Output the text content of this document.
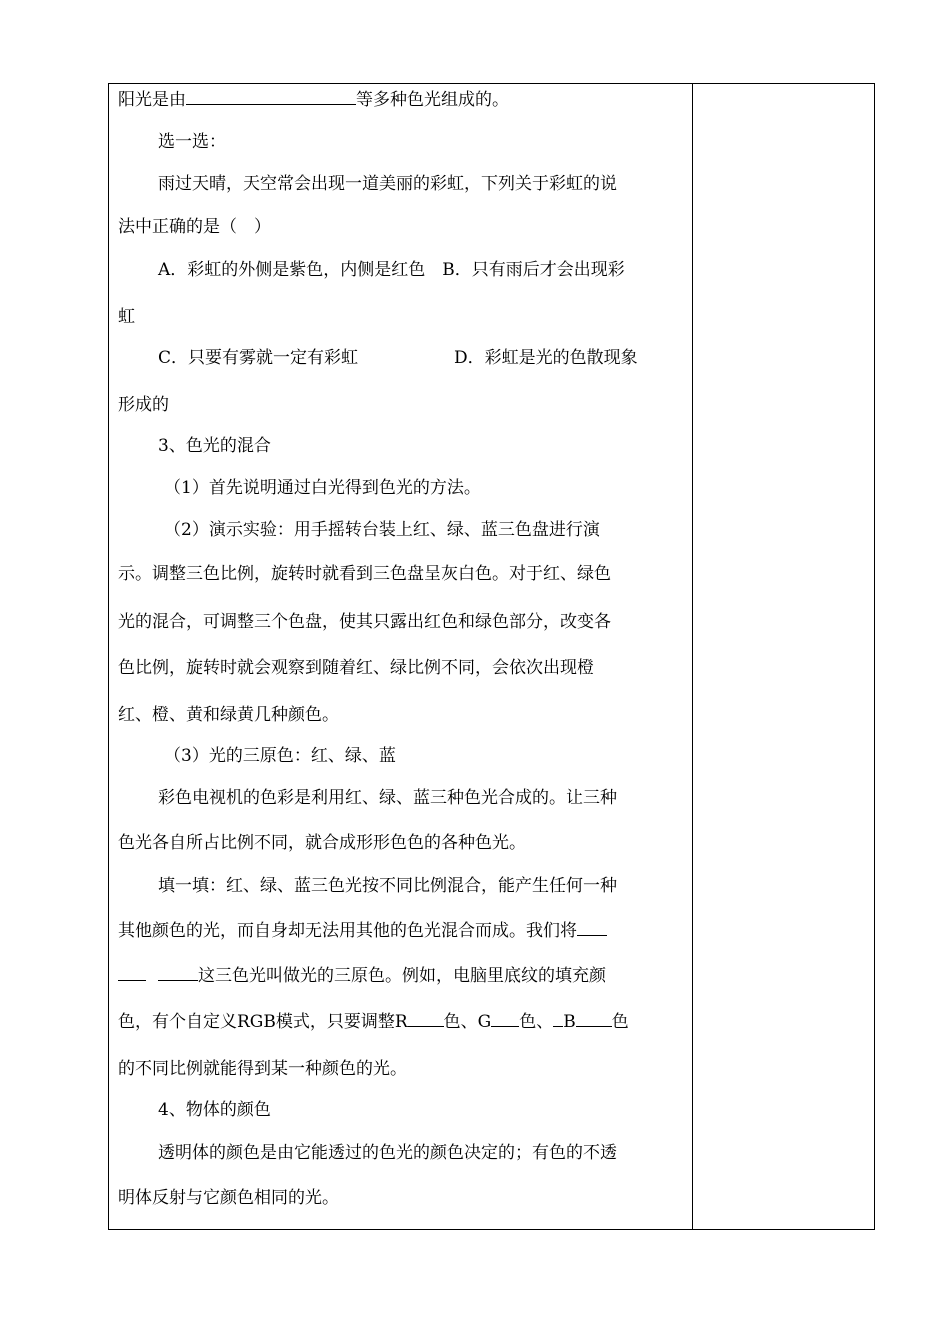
阳光是由	等多种色光组成的。
选一选：
雨过天晴，天空常会出现一道美丽的彩虹，下列关于彩虹的说
法中正确的是（　）
A．彩虹的外侧是紫色，内侧是红色　B．只有雨后才会出现彩
虹
C．只要有雾就一定有彩虹	D．彩虹是光的色散现象
形成的
3、色光的混合
（1）首先说明通过白光得到色光的方法。
（2）演示实验：用手摇转台装上红、绿、蓝三色盘进行演
示。调整三色比例，旋转时就看到三色盘呈灰白色。对于红、绿色
光的混合，可调整三个色盘，使其只露出红色和绿色部分，改变各
色比例，旋转时就会观察到随着红、绿比例不同，会依次出现橙
红、橙、黄和绿黄几种颜色。
（3）光的三原色：红、绿、蓝
彩色电视机的色彩是利用红、绿、蓝三种色光合成的。让三种
色光各自所占比例不同，就合成形形色色的各种色光。
填一填：红、绿、蓝三色光按不同比例混合，能产生任何一种
其他颜色的光，而自身却无法用其他的色光混合而成。我们将
这三色光叫做光的三原色。例如，电脑里底纹的填充颜
色，有个自定义RGB模式，只要调整R 色、G 色、 B 色
的不同比例就能得到某一种颜色的光。
4、物体的颜色
透明体的颜色是由它能透过的色光的颜色决定的；有色的不透
明体反射与它颜色相同的光。
